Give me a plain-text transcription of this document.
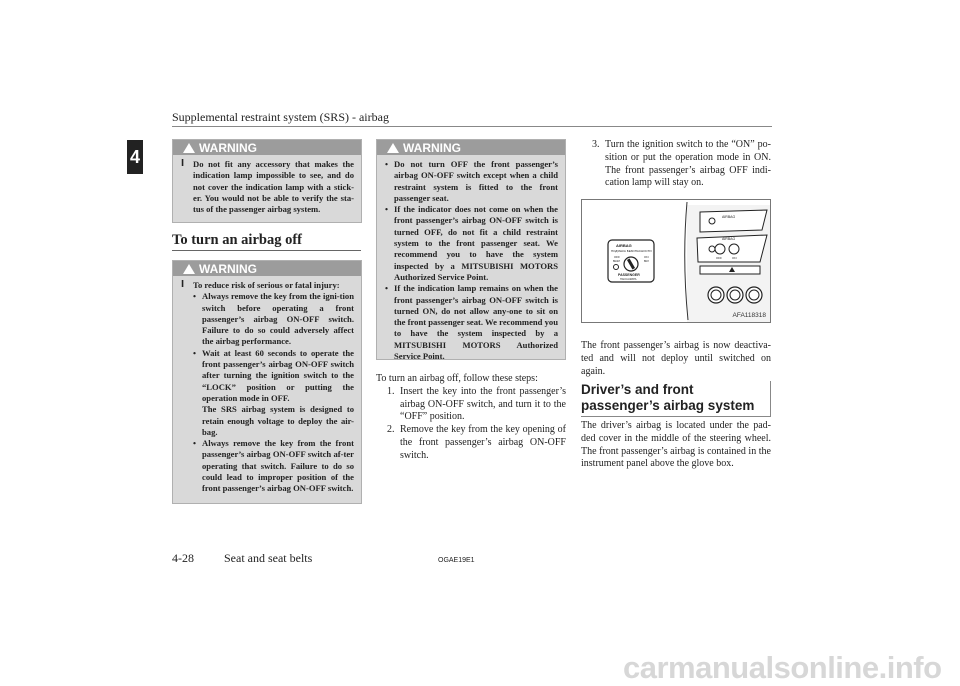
Supplemental restraint system (SRS) - airbag
4	WARNING
l Do not fit any accessory that makes the indication lamp impossible to see, and do not cover the indication lamp with a stick-er. You would not be able to verify the sta-tus of the passenger airbag system.
To turn an airbag off
WARNING
l To reduce risk of serious or fatal injury:
• Always remove the key from the igni-tion switch before operating a front passenger’s airbag ON-OFF switch. Failure to do so could adversely affect the airbag performance.
• Wait at least 60 seconds to operate the front passenger’s airbag ON-OFF switch after turning the ignition switch to the “LOCK” position or putting the operation mode in OFF.
The SRS airbag system is designed to retain enough voltage to deploy the air-bag.
• Always remove the key from the front passenger’s airbag ON-OFF switch af-ter operating that switch. Failure to do so could lead to improper position of the front passenger’s airbag ON-OFF switch.
WARNING
• Do not turn OFF the front passenger’s airbag ON-OFF switch except when a child restraint system is fitted to the front passenger seat.
• If the indicator does not come on when the front passenger’s airbag ON-OFF switch is turned OFF, do not fit a child restraint system to the front passenger seat. We recommend you to have the system inspected by a MITSUBISHI MOTORS Authorized Service Point.
• If the indication lamp remains on when the front passenger’s airbag ON-OFF switch is turned ON, do not allow any-one to sit on the front passenger seat. We recommend you to have the system inspected by a MITSUBISHI MOTORS Authorized Service Point.
To turn an airbag off, follow these steps:
1. Insert the key into the front passenger’s airbag ON-OFF switch, and turn it to the “OFF” position.
2. Remove the key from the key opening of the front passenger’s airbag ON-OFF switch.
3. Turn the ignition switch to the “ON” po-sition or put the operation mode in ON. The front passenger’s airbag OFF indi-cation lamp will stay on.
AIRBAG
AIRBAG
OFF	ON
AIRBAG
ПОДУШКА БЕЗОПАСНОСТИ
OFF
ВЫКЛ
ON
ВКЛ
PASSENGER
ПАССАЖИРА
AFA118318
The front passenger’s airbag is now deactiva-ted and will not deploy until switched on again.
Driver’s and front passenger’s airbag system
The driver’s airbag is located under the pad-ded cover in the middle of the steering wheel. The front passenger’s airbag is contained in the instrument panel above the glove box.
4-28	Seat and seat belts	OGAE19E1
carmanualsonline.info
